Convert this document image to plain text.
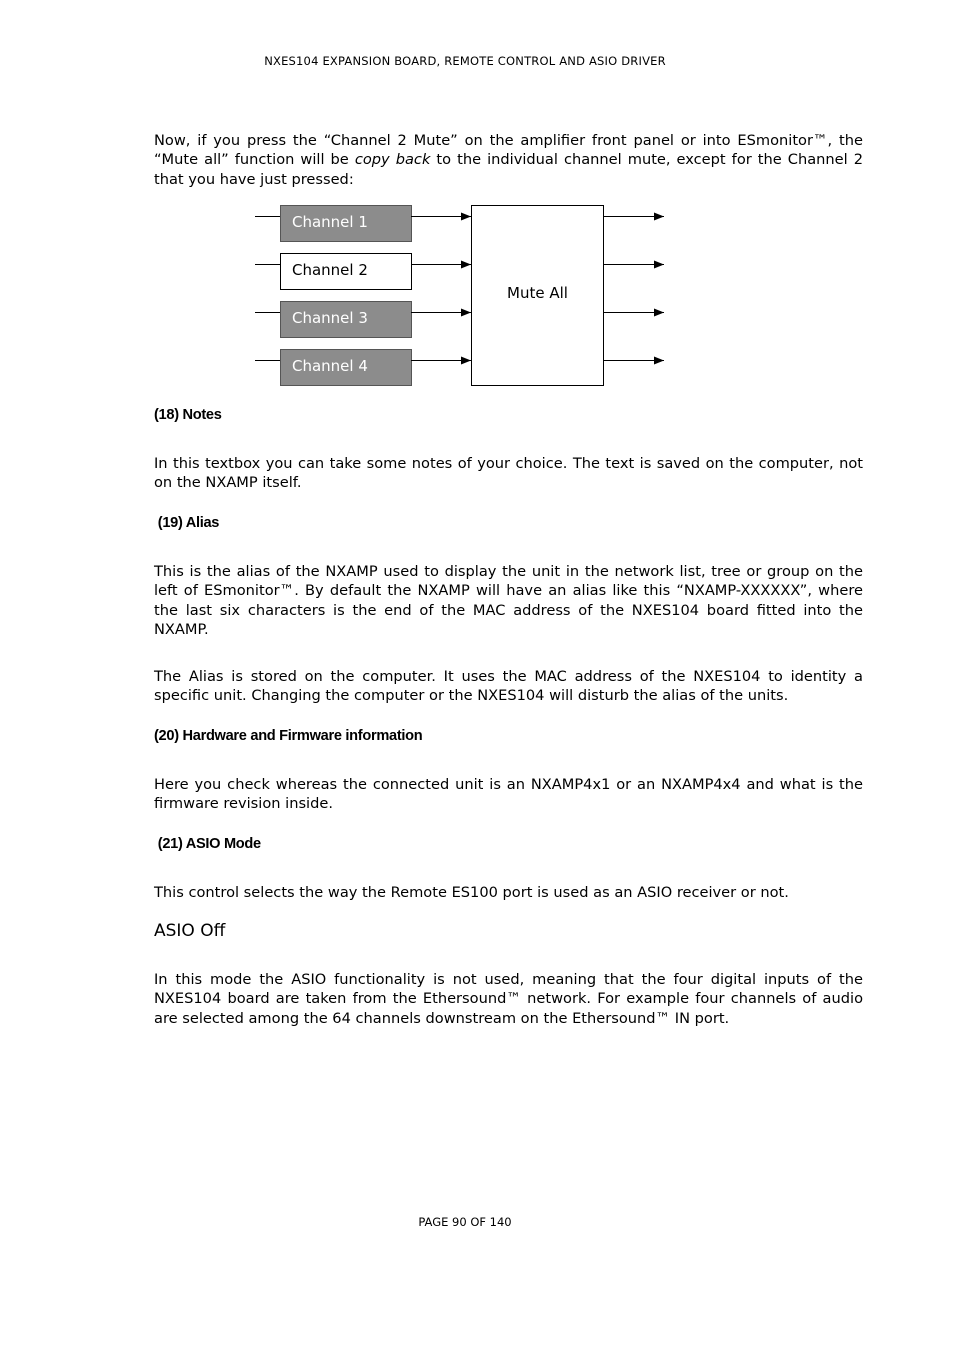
NXES104 EXPANSION BOARD, REMOTE CONTROL AND ASIO DRIVER

Now, if you press the “Channel 2 Mute” on the amplifier front panel or into ESmonitor™, the “Mute all” function will be copy back to the individual channel mute, except for the Channel 2 that you have just pressed:

Channel 1
Channel 2
Channel 3
Channel 4
Mute All
(18) Notes

In this textbox you can take some notes of your choice. The text is saved on the computer, not on the NXAMP itself.

(19) Alias

This is the alias of the NXAMP used to display the unit in the network list, tree or group on the left of ESmonitor™. By default the NXAMP will have an alias like this “NXAMP-XXXXXX”, where the last six characters is the end of the MAC address of the NXES104 board fitted into the NXAMP.

The Alias is stored on the computer. It uses the MAC address of the NXES104 to identity a specific unit. Changing the computer or the NXES104 will disturb the alias of the units.

(20) Hardware and Firmware information

Here you check whereas the connected unit is an NXAMP4x1 or an NXAMP4x4 and what is the firmware revision inside.

(21) ASIO Mode

This control selects the way the Remote ES100 port is used as an ASIO receiver or not.

ASIO Off

In this mode the ASIO functionality is not used, meaning that the four digital inputs of the NXES104 board are taken from the Ethersound™ network. For example four channels of audio are selected among the 64 channels downstream on the Ethersound™ IN port.

PAGE 90 OF 140
